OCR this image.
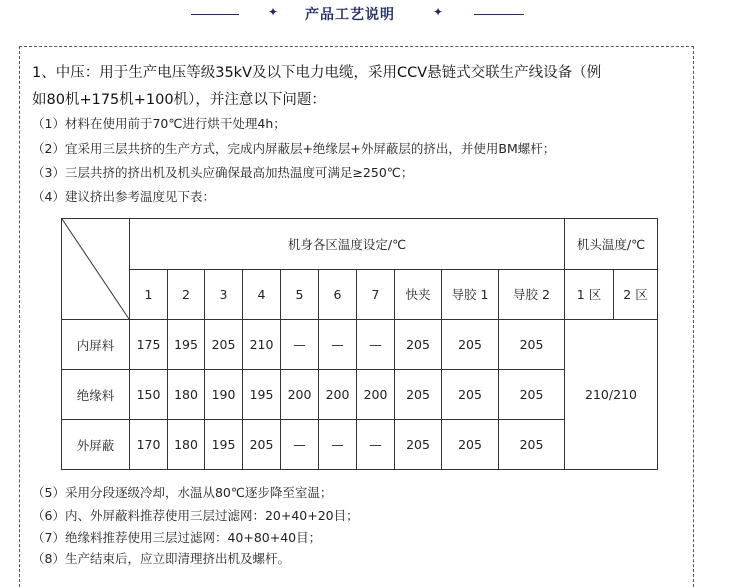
✦ 产品工艺说明	✦
1、中压：用于生产电压等级35kV及以下电力电缆，采用CCV悬链式交联生产线设备（例
如80机+175机+100机），并注意以下问题：
（1）材料在使用前于70℃进行烘干处理4h；
（2）宜采用三层共挤的生产方式，完成内屏蔽层+绝缘层+外屏蔽层的挤出，并使用BM螺杆；
（3）三层共挤的挤出机及机头应确保最高加热温度可满足≥250℃；
（4）建议挤出参考温度见下表：
	机身各区温度设定/℃										机头温度/℃	
	1	2	3	4	5	6	7	快夹	导胶 1	导胶 2	1 区	2 区
内屏料	175	195	205	210	—	—	—	205	205	205	210/210	
绝缘料	150	180	190	195	200	200	200	205	205	205		
外屏蔽	170	180	195	205	—	—	—	205	205	205		
（5）采用分段逐级冷却，水温从80℃逐步降至室温；
（6）内、外屏蔽料推荐使用三层过滤网：20+40+20目；
（7）绝缘料推荐使用三层过滤网：40+80+40目；
（8）生产结束后，应立即清理挤出机及螺杆。
